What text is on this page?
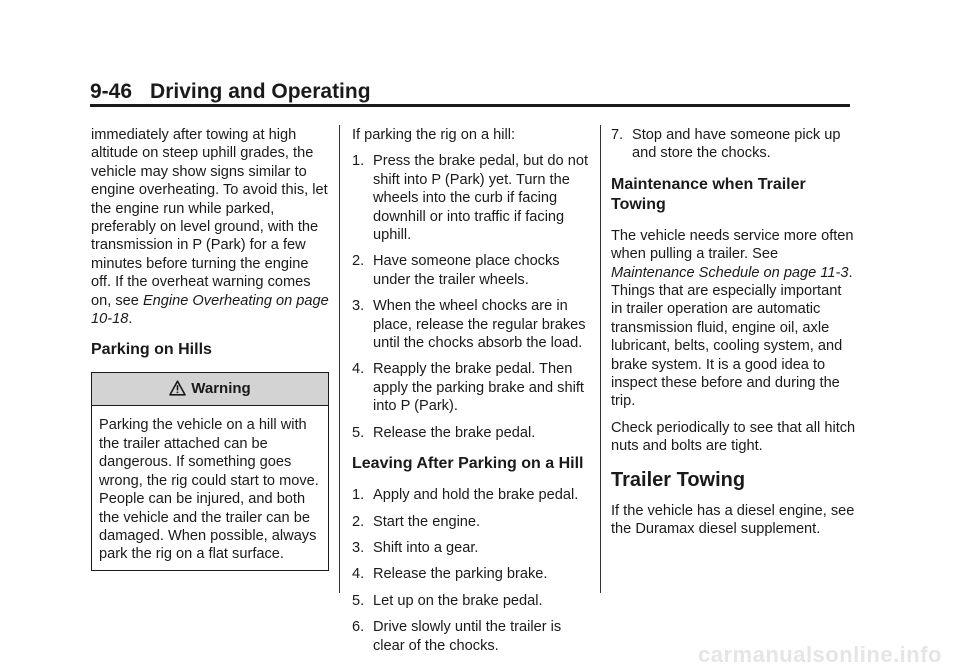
9-46 Driving and Operating

immediately after towing at high altitude on steep uphill grades, the vehicle may show signs similar to engine overheating. To avoid this, let the engine run while parked, preferably on level ground, with the transmission in P (Park) for a few minutes before turning the engine off. If the overheat warning comes on, see Engine Overheating on page 10-18.

Parking on Hills
Warning
Parking the vehicle on a hill with the trailer attached can be dangerous. If something goes wrong, the rig could start to move. People can be injured, and both the vehicle and the trailer can be damaged. When possible, always park the rig on a flat surface.

If parking the rig on a hill:

1. Press the brake pedal, but do not shift into P (Park) yet. Turn the wheels into the curb if facing downhill or into traffic if facing uphill.
2. Have someone place chocks under the trailer wheels.
3. When the wheel chocks are in place, release the regular brakes until the chocks absorb the load.
4. Reapply the brake pedal. Then apply the parking brake and shift into P (Park).
5. Release the brake pedal.
Leaving After Parking on a Hill
1. Apply and hold the brake pedal.
2. Start the engine.
3. Shift into a gear.
4. Release the parking brake.
5. Let up on the brake pedal.
6. Drive slowly until the trailer is clear of the chocks.
7. Stop and have someone pick up and store the chocks.
Maintenance when Trailer Towing

The vehicle needs service more often when pulling a trailer. See Maintenance Schedule on page 11-3. Things that are especially important in trailer operation are automatic transmission fluid, engine oil, axle lubricant, belts, cooling system, and brake system. It is a good idea to inspect these before and during the trip.

Check periodically to see that all hitch nuts and bolts are tight.

Trailer Towing

If the vehicle has a diesel engine, see the Duramax diesel supplement.

carmanualsonline.info
